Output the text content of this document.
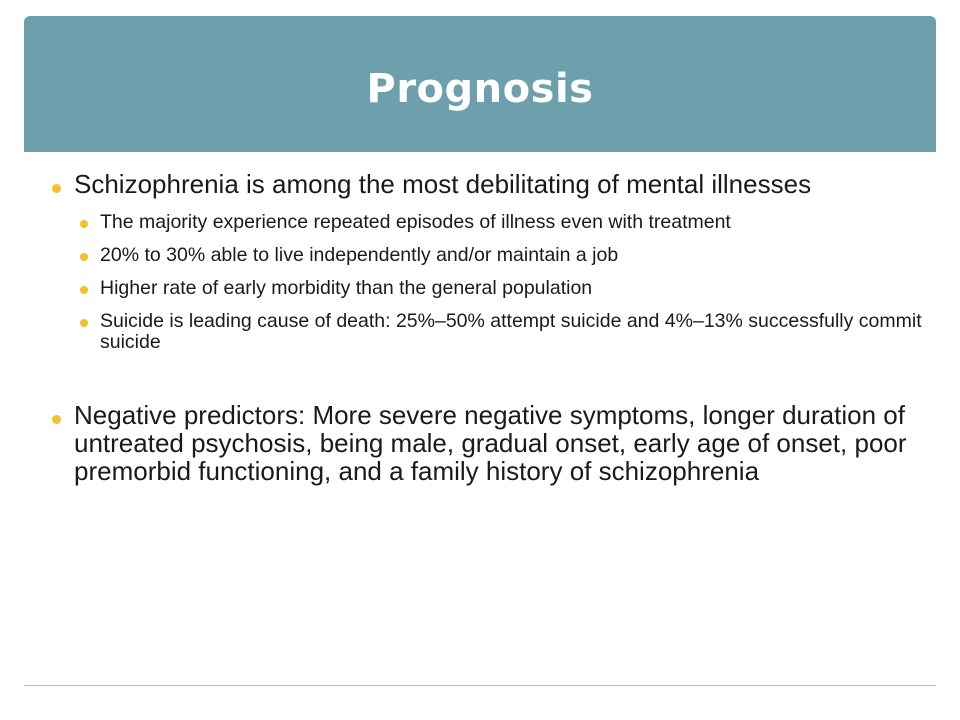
Prognosis
Schizophrenia is among the most debilitating of mental illnesses
The majority experience repeated episodes of illness even with treatment
20% to 30% able to live independently and/or maintain a job
Higher rate of early morbidity than the general population
Suicide is leading cause of death: 25%–50% attempt suicide and 4%–13% successfully commit suicide
Negative predictors: More severe negative symptoms, longer duration of untreated psychosis, being male, gradual onset, early age of onset, poor premorbid functioning, and a family history of schizophrenia
